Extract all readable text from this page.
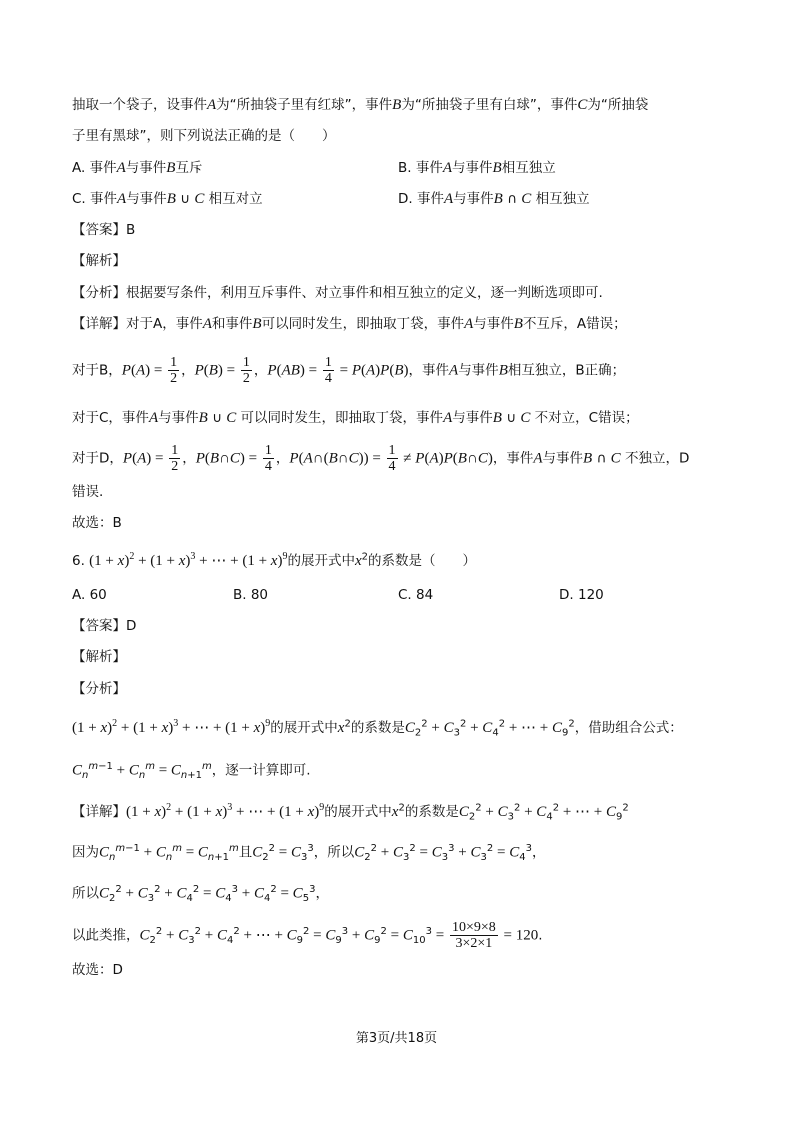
抽取一个袋子，设事件A为“所抽袋子里有红球”，事件B为“所抽袋子里有白球”，事件C为“所抽袋
子里有黑球”，则下列说法正确的是（　　）
A. 事件A与事件B互斥	B. 事件A与事件B相互独立
C. 事件A与事件B ∪ C 相互对立	D. 事件A与事件B ∩ C 相互独立
【答案】B
【解析】
【分析】根据要写条件，利用互斥事件、对立事件和相互独立的定义，逐一判断选项即可.
【详解】对于A，事件A和事件B可以同时发生，即抽取丁袋，事件A与事件B不互斥，A错误；
对于B，$P(A) = \frac{1}{2}$ ，$P(B) = \frac{1}{2}$ ，$P(AB) = \frac{1}{4} = P(A)P(B)$，事件A与事件B相互独立，B正确；
对于C，事件A与事件B ∪ C 可以同时发生，即抽取丁袋，事件A与事件B ∪ C 不对立，C错误；
对于D，$P(A) = \frac{1}{2}$ ，P(B∩C) = $\frac{1}{4}$ ，P(A∩(B∩C)) = $\frac{1}{4}$ ≠ P(A)P(B∩C)，事件A与事件B ∩ C 不独立，D
错误.
故选：B
6. $(1 + x)^2 + (1 + x)^3$ + ⋯ + $(1 + x)^9$的展开式中$x^2$的系数是（　　）
A. 60	B. 80	C. 84	D. 120
【答案】D
【解析】
【分析】
$(1 + x)^2 + (1 + x)^3$ + ⋯ + $(1 + x)^9$的展开式中$x^2$的系数是$C_2^2 + C_3^2 + C_4^2$ + ⋯ + $C_9^2$，借助组合公式：
$C_n^{m-1} + C_n^m = C_{n+1}^m$，逐一计算即可.
【详解】$(1 + x)^2 + (1 + x)^3$ + ⋯ + $(1 + x)^9$的展开式中$x^2$的系数是$C_2^2 + C_3^2 + C_4^2$ + ⋯ + $C_9^2$
因为$C_n^{m-1} + C_n^m = C_{n+1}^m$且$C_2^2 = C_3^3$，所以$C_2^2 + C_3^2 = C_3^3 + C_3^2 = C_4^3$，
所以$C_2^2 + C_3^2 + C_4^2 = C_4^3 + C_4^2 = C_5^3$，
以此类推，$C_2^2 + C_3^2 + C_4^2$ + ⋯ + $C_9^2 = C_9^3 + C_9^2 = C_{10}^3 = \frac{10\times 9\times 8}{3\times 2\times 1} = 120$.
故选：D
第3页/共18页
